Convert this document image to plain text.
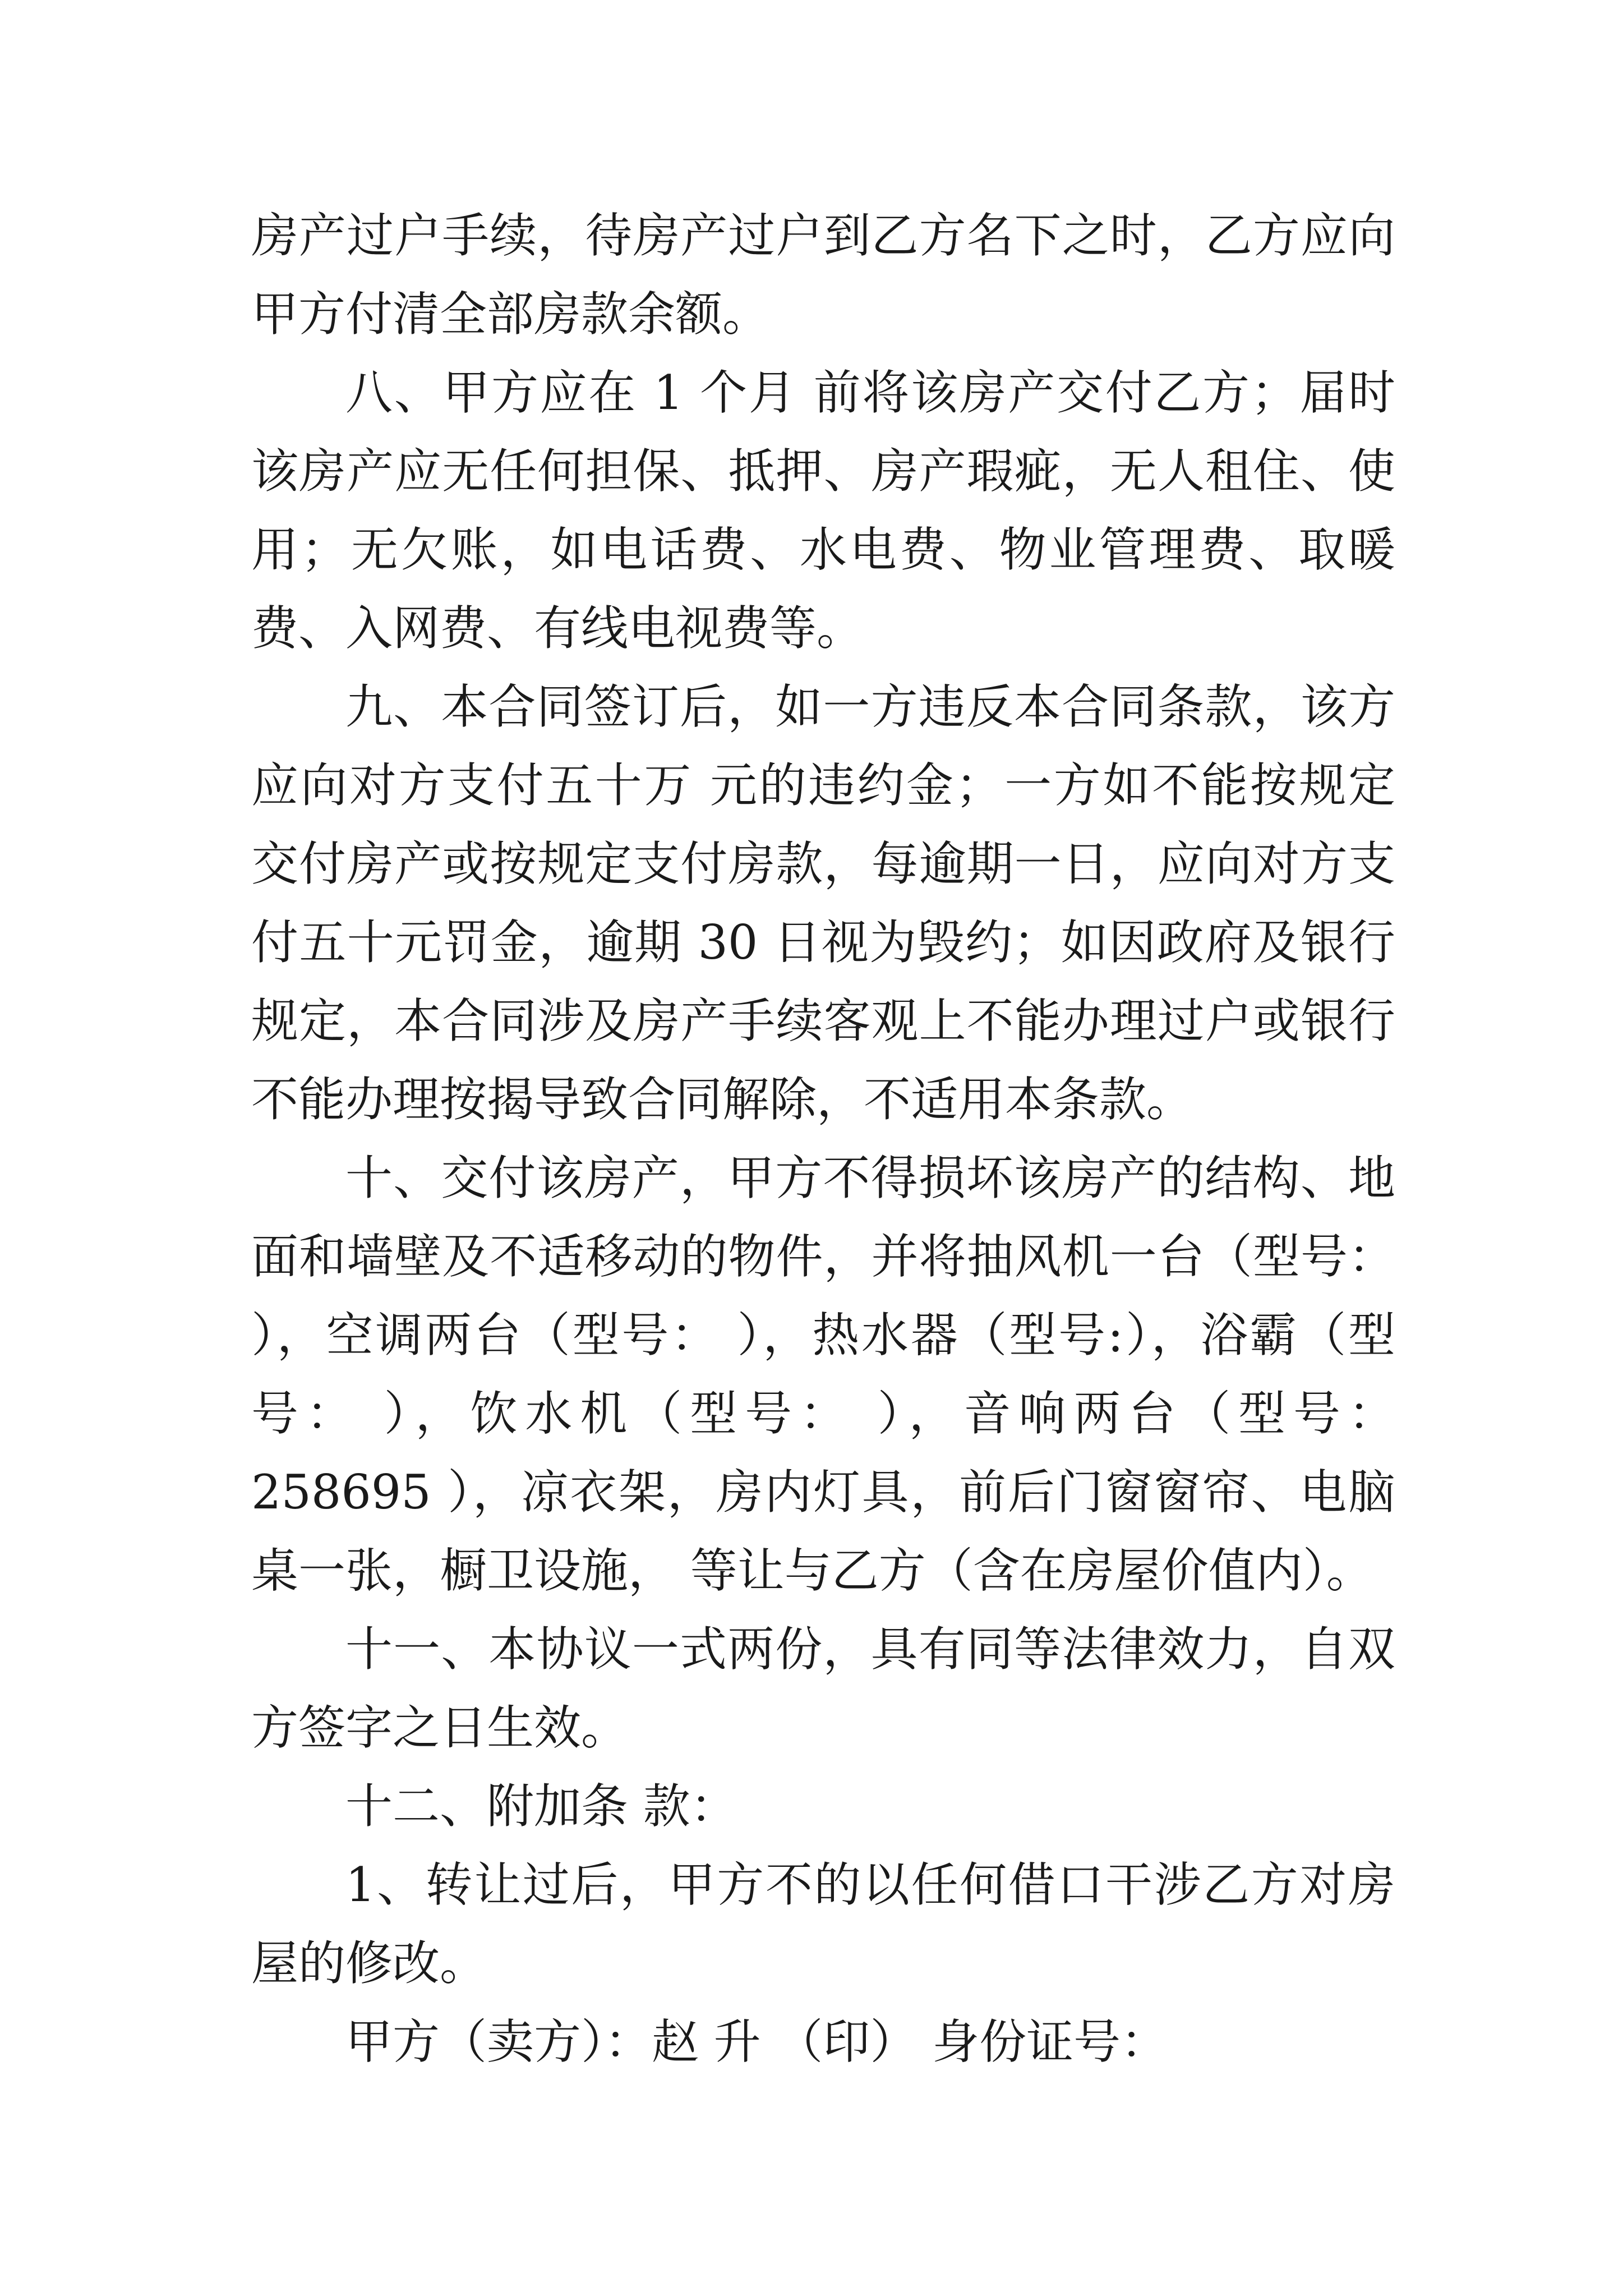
房产过户手续，待房产过户到乙方名下之时，乙方应向甲方付清全部房款余额。

八、甲方应在 1 个月 前将该房产交付乙方；届时该房产应无任何担保、抵押、房产瑕疵，无人租住、使用；无欠账，如电话费、水电费、物业管理费、取暖费、入网费、有线电视费等。

九、本合同签订后，如一方违反本合同条款，该方应向对方支付五十万 元的违约金；一方如不能按规定交付房产或按规定支付房款，每逾期一日，应向对方支付五十元罚金，逾期 30 日视为毁约；如因政府及银行规定，本合同涉及房产手续客观上不能办理过户或银行不能办理按揭导致合同解除，不适用本条款。

十、交付该房产，甲方不得损坏该房产的结构、地面和墙壁及不适移动的物件，并将抽风机一台（型号： ），空调两台（型号： ），热水器（型号:），浴霸（型号： ），饮水机（型号： ），音响两台（型号：258695 ），凉衣架，房内灯具，前后门窗窗帘、电脑桌一张，橱卫设施， 等让与乙方（含在房屋价值内）。

十一、本协议一式两份，具有同等法律效力，自双方签字之日生效。

十二、附加条 款：

1、转让过后，甲方不的以任何借口干涉乙方对房屋的修改。

甲方（卖方）：赵 升 （印） 身份证号：
